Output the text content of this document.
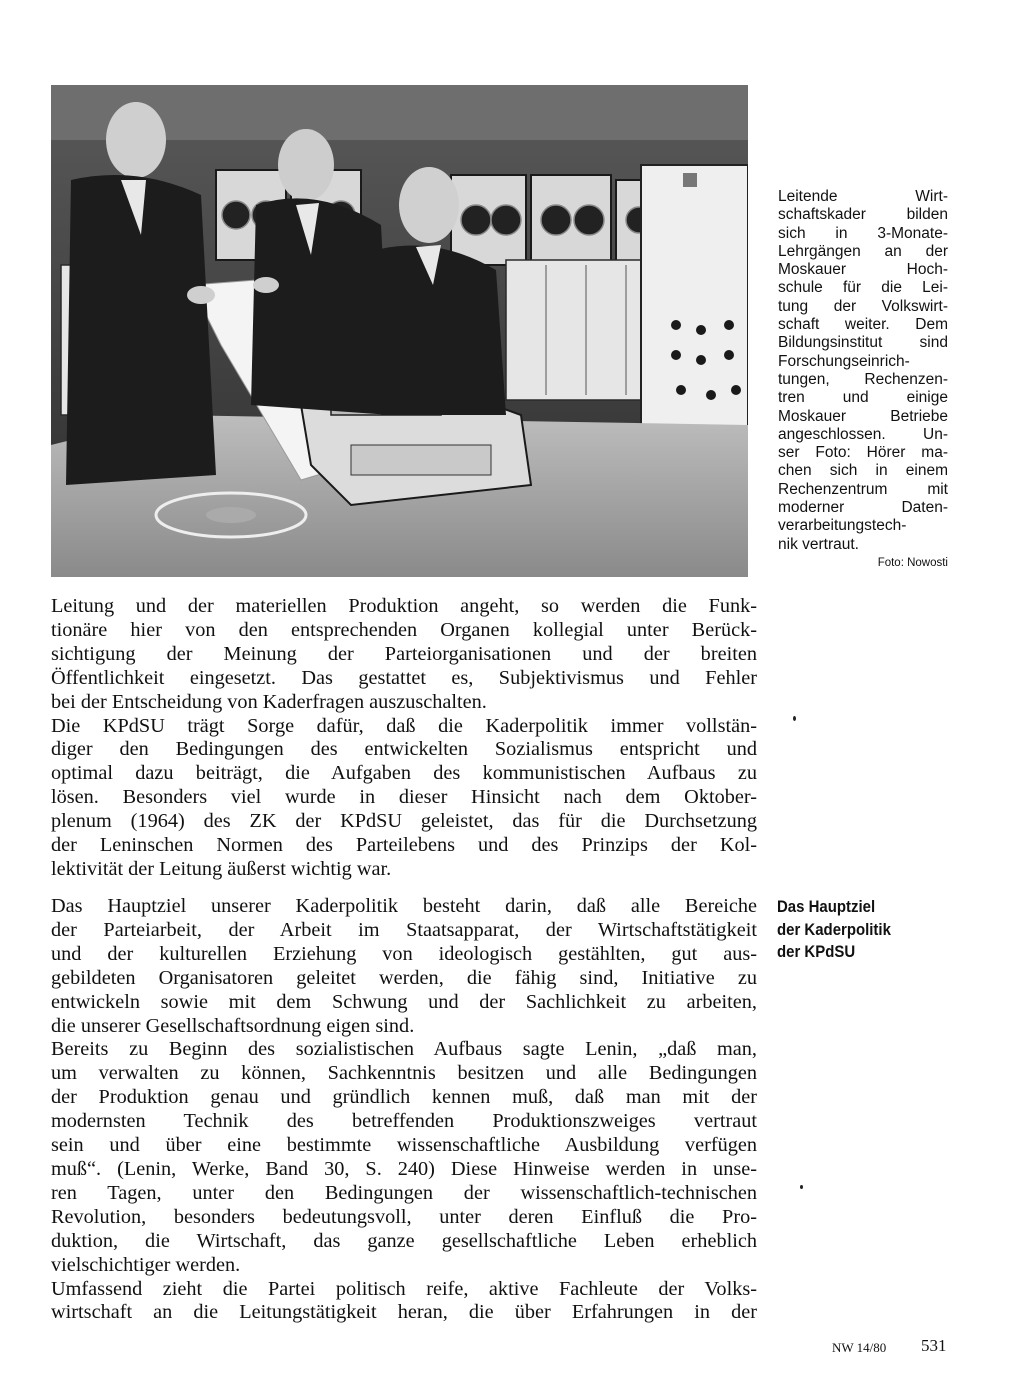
Leitende Wirt-
schaftskader bilden
sich in 3-Monate-
Lehrgängen an der
Moskauer Hoch-
schule für die Lei-
tung der Volkswirt-
schaft weiter. Dem
Bildungsinstitut sind
Forschungseinrich-
tungen, Rechenzen-
tren und einige
Moskauer Betriebe
angeschlossen. Un-
ser Foto: Hörer ma-
chen sich in einem
Rechenzentrum mit
moderner Daten-
verarbeitungstech-
nik vertraut.
Foto: Nowosti
Leitung und der materiellen Produktion angeht, so werden die Funk-
tionäre hier von den entsprechenden Organen kollegial unter Berück-
sichtigung der Meinung der Parteiorganisationen und der breiten
Öffentlichkeit eingesetzt. Das gestattet es, Subjektivismus und Fehler
bei der Entscheidung von Kaderfragen auszuschalten.
Die KPdSU trägt Sorge dafür, daß die Kaderpolitik immer vollstän-
diger den Bedingungen des entwickelten Sozialismus entspricht und
optimal dazu beiträgt, die Aufgaben des kommunistischen Aufbaus zu
lösen. Besonders viel wurde in dieser Hinsicht nach dem Oktober-
plenum (1964) des ZK der KPdSU geleistet, das für die Durchsetzung
der Leninschen Normen des Parteilebens und des Prinzips der Kol-
lektivität der Leitung äußerst wichtig war.
Das Hauptziel
der Kaderpolitik
der KPdSU
Das Hauptziel unserer Kaderpolitik besteht darin, daß alle Bereiche
der Parteiarbeit, der Arbeit im Staatsapparat, der Wirtschaftstätigkeit
und der kulturellen Erziehung von ideologisch gestählten, gut aus-
gebildeten Organisatoren geleitet werden, die fähig sind, Initiative zu
entwickeln sowie mit dem Schwung und der Sachlichkeit zu arbeiten,
die unserer Gesellschaftsordnung eigen sind.
Bereits zu Beginn des sozialistischen Aufbaus sagte Lenin, „daß man,
um verwalten zu können, Sachkenntnis besitzen und alle Bedingungen
der Produktion genau und gründlich kennen muß, daß man mit der
modernsten Technik des betreffenden Produktionszweiges vertraut
sein und über eine bestimmte wissenschaftliche Ausbildung verfügen
muß“. (Lenin, Werke, Band 30, S. 240) Diese Hinweise werden in unse-
ren Tagen, unter den Bedingungen der wissenschaftlich-technischen
Revolution, besonders bedeutungsvoll, unter deren Einfluß die Pro-
duktion, die Wirtschaft, das ganze gesellschaftliche Leben erheblich
vielschichtiger werden.
Umfassend zieht die Partei politisch reife, aktive Fachleute der Volks-
wirtschaft an die Leitungstätigkeit heran, die über Erfahrungen in der
NW 14/80 531
